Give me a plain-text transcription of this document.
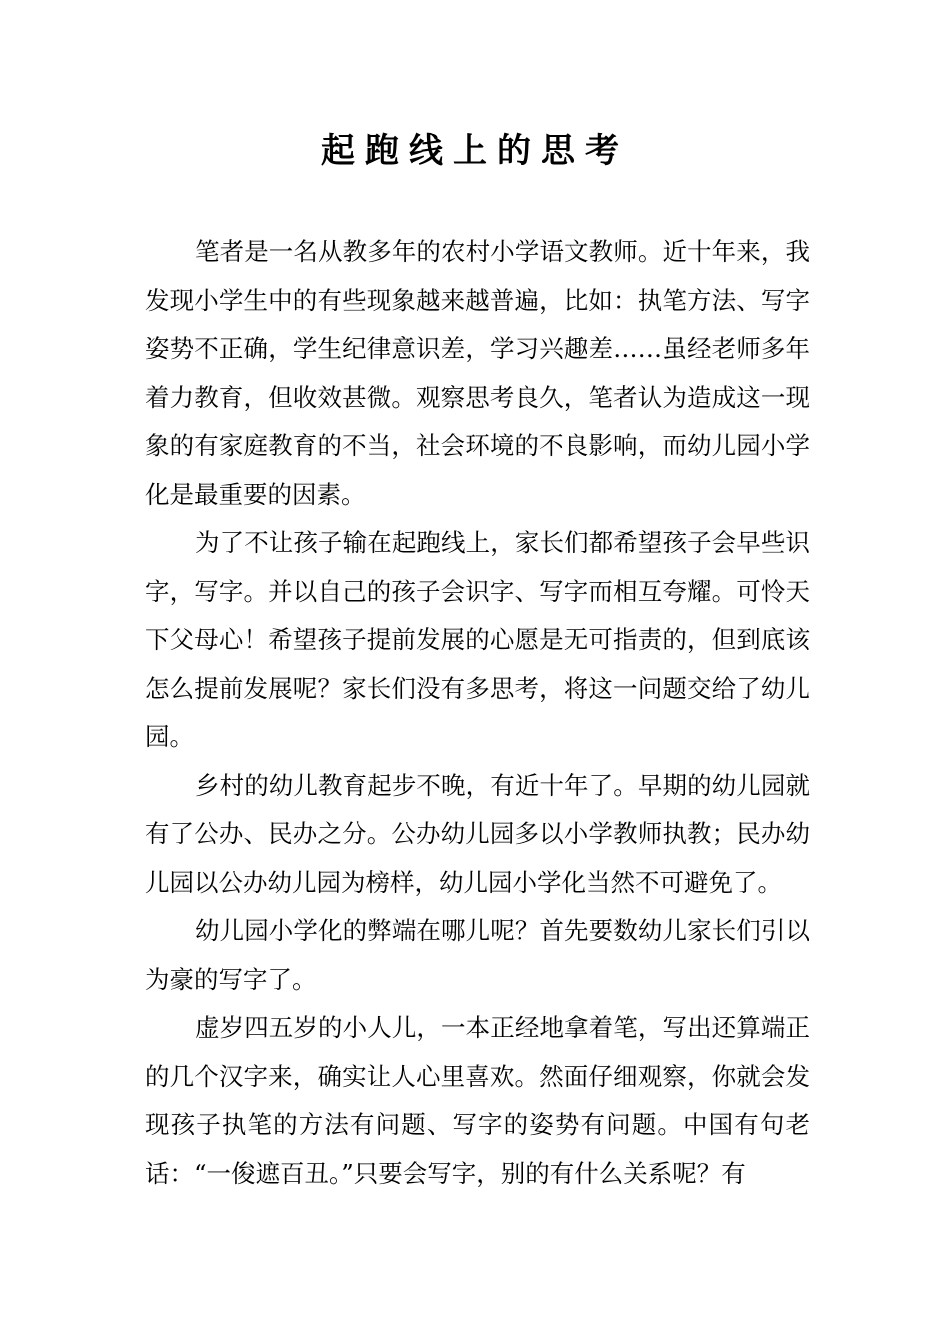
起跑线上的思考

笔者是一名从教多年的农村小学语文教师。近十年来，我发现小学生中的有些现象越来越普遍，比如：执笔方法、写字姿势不正确，学生纪律意识差，学习兴趣差……虽经老师多年着力教育，但收效甚微。观察思考良久，笔者认为造成这一现象的有家庭教育的不当，社会环境的不良影响，而幼儿园小学化是最重要的因素。

为了不让孩子输在起跑线上，家长们都希望孩子会早些识字，写字。并以自己的孩子会识字、写字而相互夸耀。可怜天下父母心！希望孩子提前发展的心愿是无可指责的，但到底该怎么提前发展呢？家长们没有多思考，将这一问题交给了幼儿园。

乡村的幼儿教育起步不晚，有近十年了。早期的幼儿园就有了公办、民办之分。公办幼儿园多以小学教师执教；民办幼儿园以公办幼儿园为榜样，幼儿园小学化当然不可避免了。

幼儿园小学化的弊端在哪儿呢？首先要数幼儿家长们引以为豪的写字了。

虚岁四五岁的小人儿，一本正经地拿着笔，写出还算端正的几个汉字来，确实让人心里喜欢。然面仔细观察，你就会发现孩子执笔的方法有问题、写字的姿势有问题。中国有句老话：“一俊遮百丑。”只要会写字，别的有什么关系呢？有
